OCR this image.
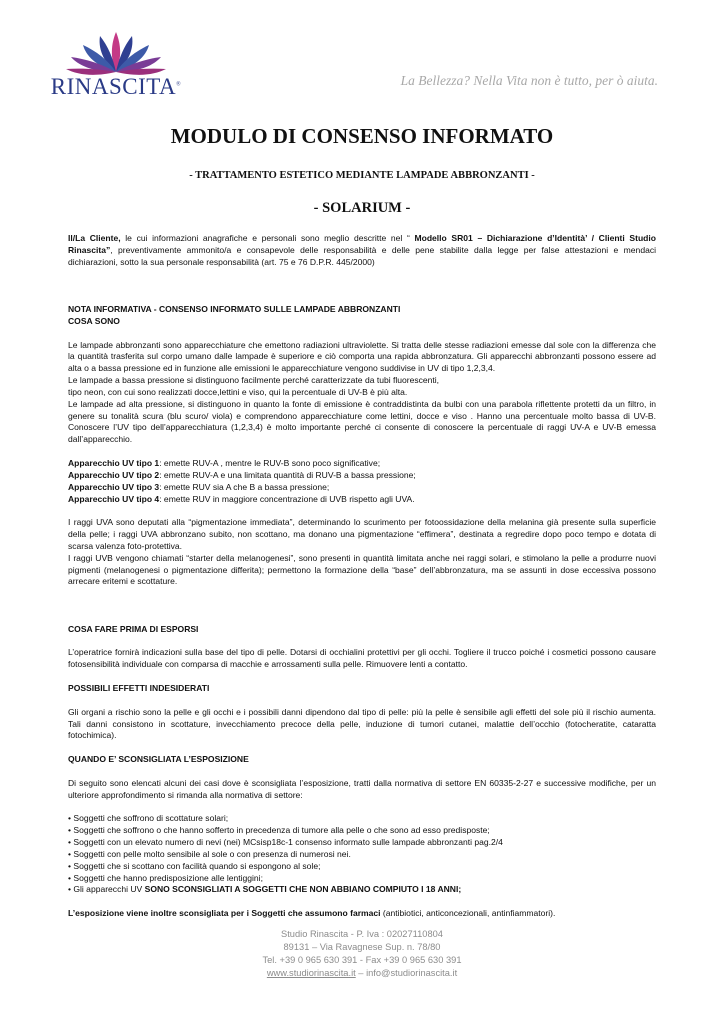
RINASCITA®	La Bellezza? Nella Vita non è tutto, per ò aiuta.
MODULO DI CONSENSO INFORMATO
- TRATTAMENTO ESTETICO MEDIANTE LAMPADE ABBRONZANTI -
- SOLARIUM -

Il/La Cliente, le cui informazioni anagrafiche e personali sono meglio descritte nel “ Modello SR01 – Dichiarazione d’Identità’ / Clienti Studio Rinascita”, preventivamente ammonito/a e consapevole delle responsabilità e delle pene stabilite dalla legge per false attestazioni e mendaci dichiarazioni, sotto la sua personale responsabilità (art. 75 e 76 D.P.R. 445/2000)

NOTA INFORMATIVA - CONSENSO INFORMATO SULLE LAMPADE ABBRONZANTI

COSA SONO

Le lampade abbronzanti sono apparecchiature che emettono radiazioni ultraviolette. Si tratta delle stesse radiazioni emesse dal sole con la differenza che la quantità trasferita sul corpo umano dalle lampade è superiore e ciò comporta una rapida abbronzatura. Gli apparecchi abbronzanti possono essere ad alta o a bassa pressione ed in funzione alle emissioni le apparecchiature vengono suddivise in UV di tipo 1,2,3,4.

Le lampade a bassa pressione si distinguono facilmente perché caratterizzate da tubi fluorescenti,

tipo neon, con cui sono realizzati docce,lettini e viso, qui la percentuale di UV-B è più alta.

Le lampade ad alta pressione, si distinguono in quanto la fonte di emissione è contraddistinta da bulbi con una parabola riflettente protetti da un filtro, in genere su tonalità scura (blu scuro/ viola) e comprendono apparecchiature come lettini, docce e viso . Hanno una percentuale molto bassa di UV-B. Conoscere l’UV tipo dell’apparecchiatura (1,2,3,4) è molto importante perché ci consente di conoscere la percentuale di raggi UV-A e UV-B emessa dall’apparecchio.

Apparecchio UV tipo 1: emette RUV-A , mentre le RUV-B sono poco significative;

Apparecchio UV tipo 2: emette RUV-A e una limitata quantità di RUV-B a bassa pressione;

Apparecchio UV tipo 3: emette RUV sia A che B a bassa pressione;

Apparecchio UV tipo 4: emette RUV in maggiore concentrazione di UVB rispetto agli UVA.

I raggi UVA sono deputati alla “pigmentazione immediata”, determinando lo scurimento per fotoossidazione della melanina già presente sulla superficie della pelle; i raggi UVA abbronzano subito, non scottano, ma donano una pigmentazione “effimera”, destinata a regredire dopo poco tempo e dotata di scarsa valenza foto-protettiva.

I raggi UVB vengono chiamati “starter della melanogenesi”, sono presenti in quantità limitata anche nei raggi solari, e stimolano la pelle a produrre nuovi pigmenti (melanogenesi o pigmentazione differita); permettono la formazione della “base” dell’abbronzatura, ma se assunti in dose eccessiva possono arrecare eritemi e scottature.

COSA FARE PRIMA DI ESPORSI

L’operatrice fornirà indicazioni sulla base del tipo di pelle. Dotarsi di occhialini protettivi per gli occhi. Togliere il trucco poiché i cosmetici possono causare fotosensibilità individuale con comparsa di macchie e arrossamenti sulla pelle. Rimuovere lenti a contatto.

POSSIBILI EFFETTI INDESIDERATI

Gli organi a rischio sono la pelle e gli occhi e i possibili danni dipendono dal tipo di pelle: più la pelle è sensibile agli effetti del sole più il rischio aumenta. Tali danni consistono in scottature, invecchiamento precoce della pelle, induzione di tumori cutanei, malattie dell’occhio (fotocheratite, cataratta fotochimica).

QUANDO E’ SCONSIGLIATA L’ESPOSIZIONE

Di seguito sono elencati alcuni dei casi dove è sconsigliata l’esposizione, tratti dalla normativa di settore EN 60335-2-27 e successive modifiche, per un ulteriore approfondimento si rimanda alla normativa di settore:

• Soggetti che soffrono di scottature solari;

• Soggetti che soffrono o che hanno sofferto in precedenza di tumore alla pelle o che sono ad esso predisposte;

• Soggetti con un elevato numero di nevi (nei) MCsisp18c-1 consenso informato sulle lampade abbronzanti pag.2/4

• Soggetti con pelle molto sensibile al sole o con presenza di numerosi nei.

• Soggetti che si scottano con facilità quando si espongono al sole;

• Soggetti che hanno predisposizione alle lentiggini;

• Gli apparecchi UV SONO SCONSIGLIATI A SOGGETTI CHE NON ABBIANO COMPIUTO I 18 ANNI;

L’esposizione viene inoltre sconsigliata per i Soggetti che assumono farmaci (antibiotici, anticoncezionali, antinfiammatori).

Studio Rinascita - P. Iva : 02027110804
89131 – Via Ravagnese Sup. n. 78/80
Tel. +39 0 965 630 391 - Fax +39 0 965 630 391
www.studiorinascita.it – info@studiorinascita.it
